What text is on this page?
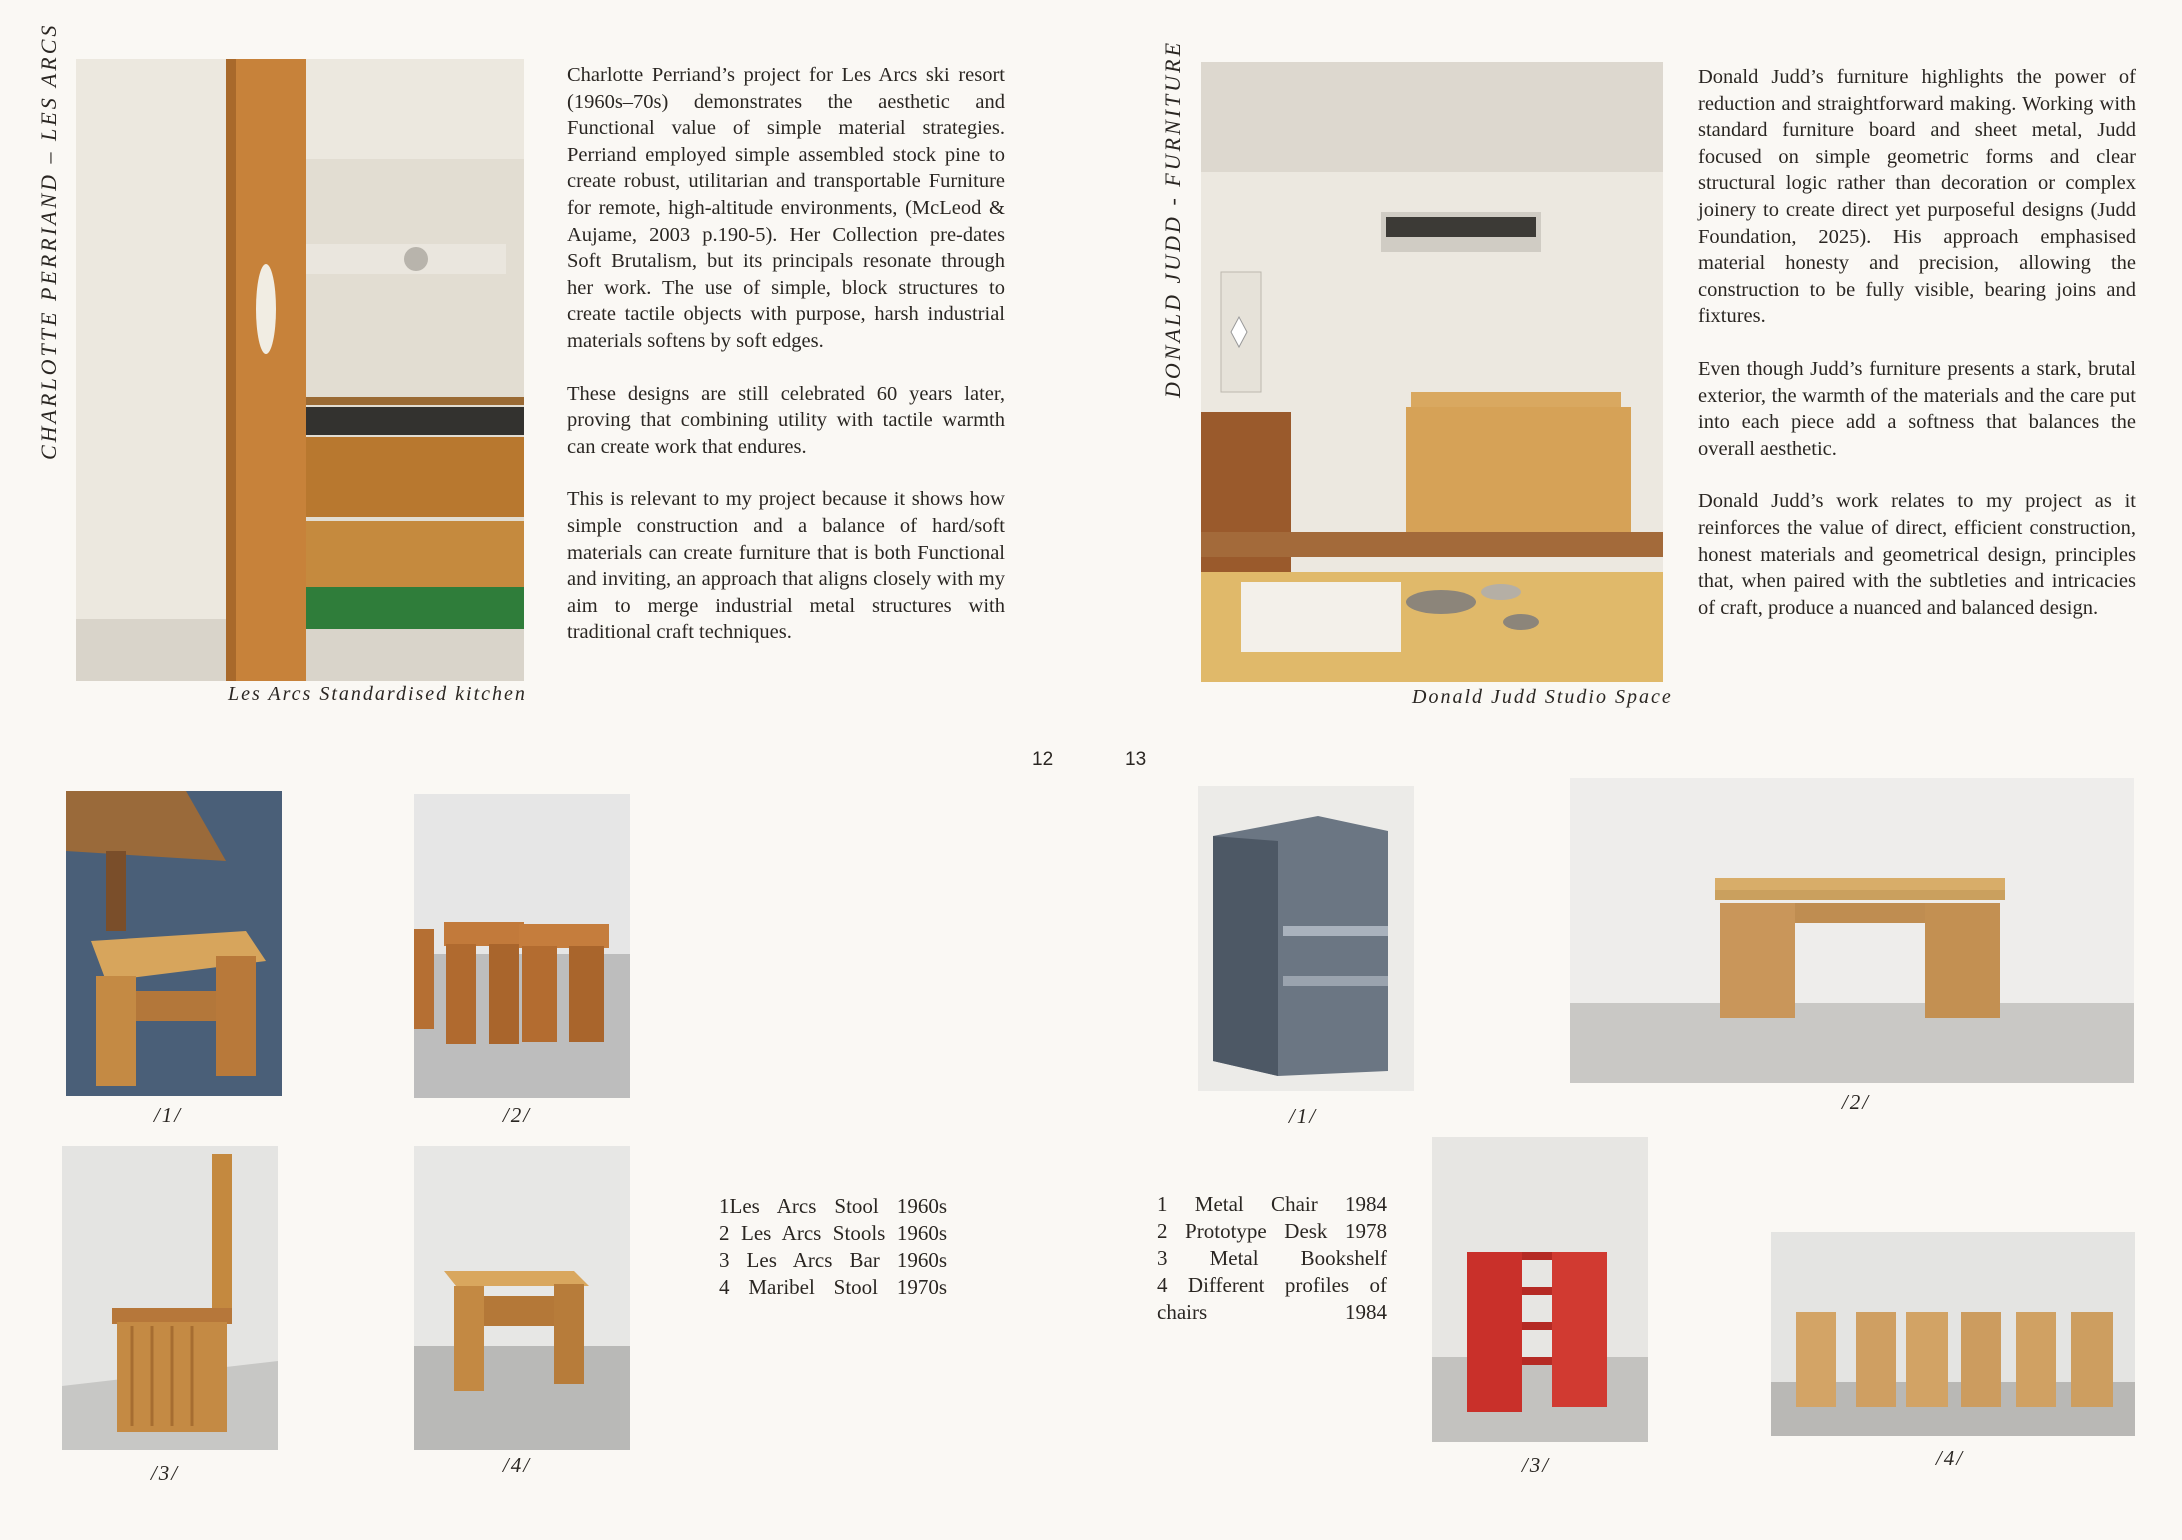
CHARLOTTE PERRIAND – LES ARCS
Les Arcs Standardised kitchen

Charlotte Perriand’s project for Les Arcs ski resort (1960s–70s) demonstrates the aesthetic and Functional value of simple material strategies. Perriand employed simple assembled stock pine to create robust, utilitarian and transportable Furniture for remote, high-altitude environments, (McLeod & Aujame, 2003 p.190-5). Her Collection pre-dates Soft Brutalism, but its principals resonate through her work. The use of simple, block structures to create tactile objects with purpose, harsh industrial materials softens by soft edges.

These designs are still celebrated 60 years later, proving that combining utility with tactile warmth can create work that endures.

This is relevant to my project because it shows how simple construction and a balance of hard/soft materials can create furniture that is both Functional and inviting, an approach that aligns closely with my aim to merge industrial metal structures with traditional craft techniques.

12
/1/	/2/
/3/	/4/
1Les Arcs Stool 1960s
2 Les Arcs Stools 1960s
3 Les Arcs Bar 1960s
4 Maribel Stool 1970s
13
DONALD JUDD - FURNITURE
Donald Judd Studio Space

Donald Judd’s furniture highlights the power of reduction and straightforward making. Working with standard furniture board and sheet metal, Judd focused on simple geometric forms and clear structural logic rather than decoration or complex joinery to create direct yet purposeful designs (Judd Foundation, 2025). His approach emphasised material honesty and precision, allowing the construction to be fully visible, bearing joins and fixtures.

Even though Judd’s furniture presents a stark, brutal exterior, the warmth of the materials and the care put into each piece add a softness that balances the overall aesthetic.

Donald Judd’s work relates to my project as it reinforces the value of direct, efficient construction, honest materials and geometrical design, principles that, when paired with the subtleties and intricacies of craft, produce a nuanced and balanced design.

/1/
/2/
1 Metal Chair 1984
2 Prototype Desk 1978
3 Metal Bookshelf
4 Different profiles of chairs 1984
/3/	/4/
